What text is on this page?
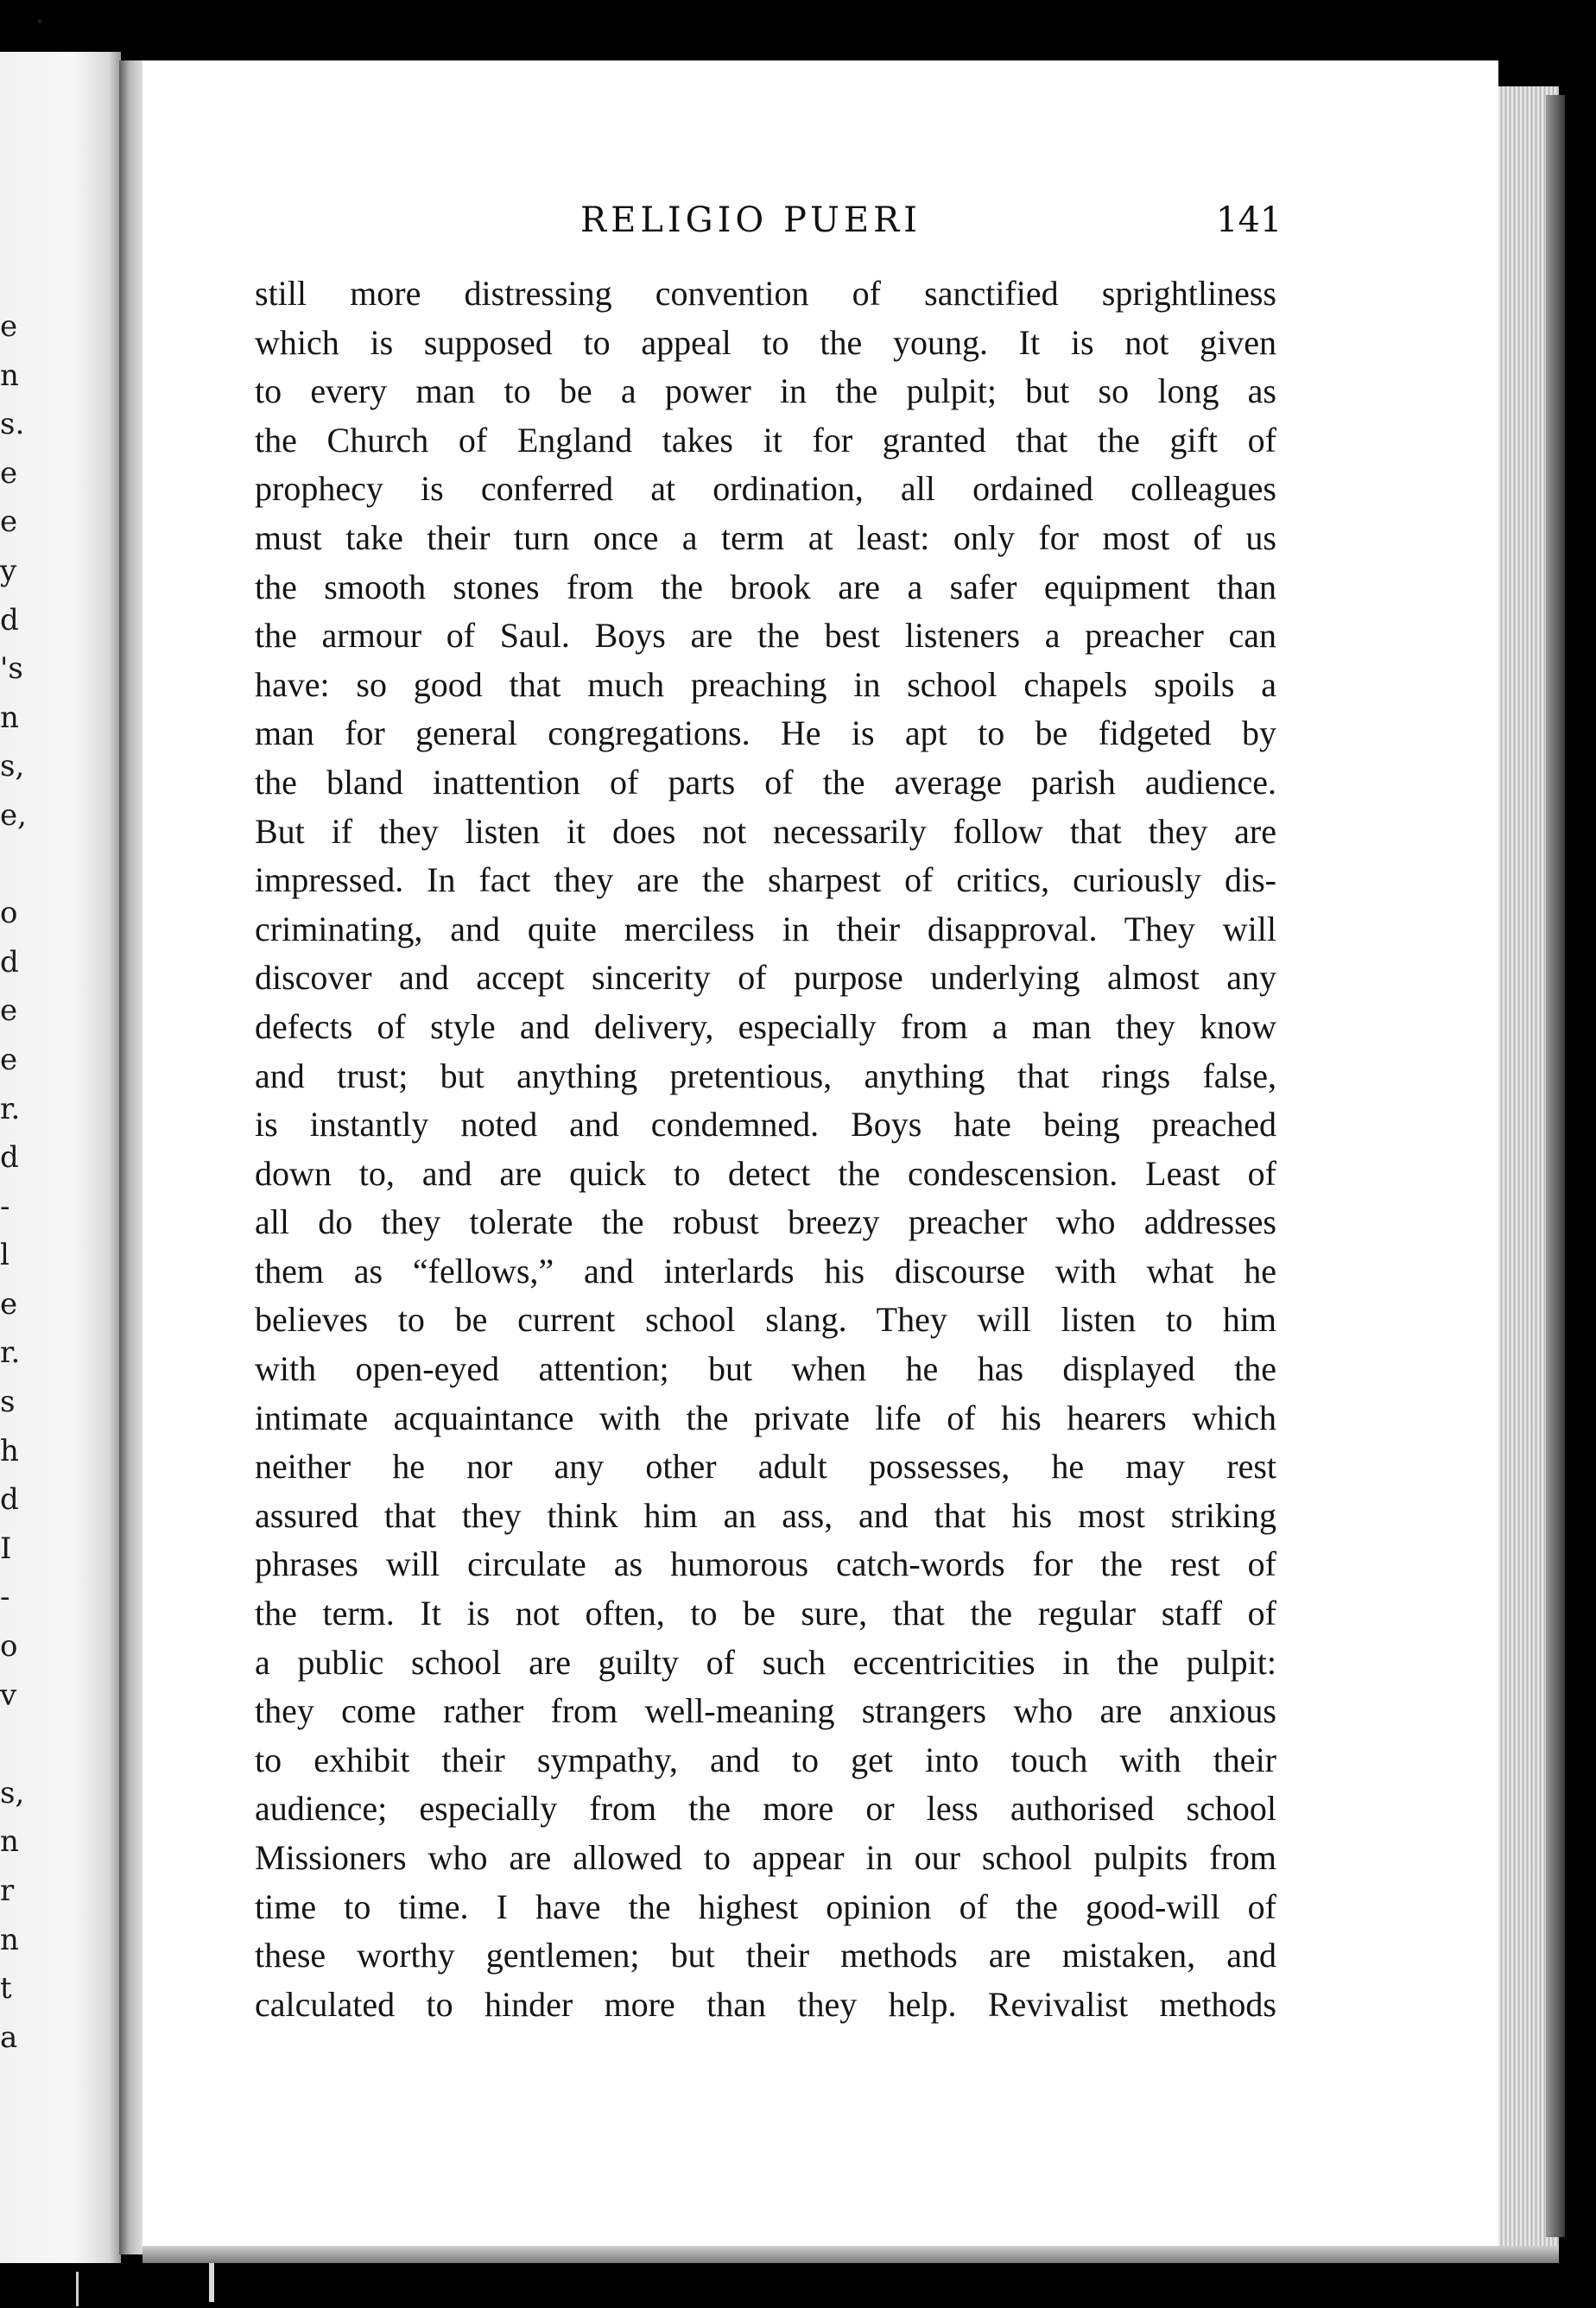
e
n
s.
e
e
y
d
's
n
s,
e,
o
d
e
e
r.
d
-
l
e
r.
s
h
d
I
-
o
v
s,
n
r
n
t
a
RELIGIO PUERI	141
still more distressing convention of sanctified sprightliness
which is supposed to appeal to the young. It is not given
to every man to be a power in the pulpit; but so long as
the Church of England takes it for granted that the gift of
prophecy is conferred at ordination, all ordained colleagues
must take their turn once a term at least: only for most of us
the smooth stones from the brook are a safer equipment than
the armour of Saul. Boys are the best listeners a preacher can
have: so good that much preaching in school chapels spoils a
man for general congregations. He is apt to be fidgeted by
the bland inattention of parts of the average parish audience.
But if they listen it does not necessarily follow that they are
impressed. In fact they are the sharpest of critics, curiously dis-
criminating, and quite merciless in their disapproval. They will
discover and accept sincerity of purpose underlying almost any
defects of style and delivery, especially from a man they know
and trust; but anything pretentious, anything that rings false,
is instantly noted and condemned. Boys hate being preached
down to, and are quick to detect the condescension. Least of
all do they tolerate the robust breezy preacher who addresses
them as “fellows,” and interlards his discourse with what he
believes to be current school slang. They will listen to him
with open-eyed attention; but when he has displayed the
intimate acquaintance with the private life of his hearers which
neither he nor any other adult possesses, he may rest
assured that they think him an ass, and that his most striking
phrases will circulate as humorous catch-words for the rest of
the term. It is not often, to be sure, that the regular staff of
a public school are guilty of such eccentricities in the pulpit:
they come rather from well-meaning strangers who are anxious
to exhibit their sympathy, and to get into touch with their
audience; especially from the more or less authorised school
Missioners who are allowed to appear in our school pulpits from
time to time. I have the highest opinion of the good-will of
these worthy gentlemen; but their methods are mistaken, and
calculated to hinder more than they help. Revivalist methods
